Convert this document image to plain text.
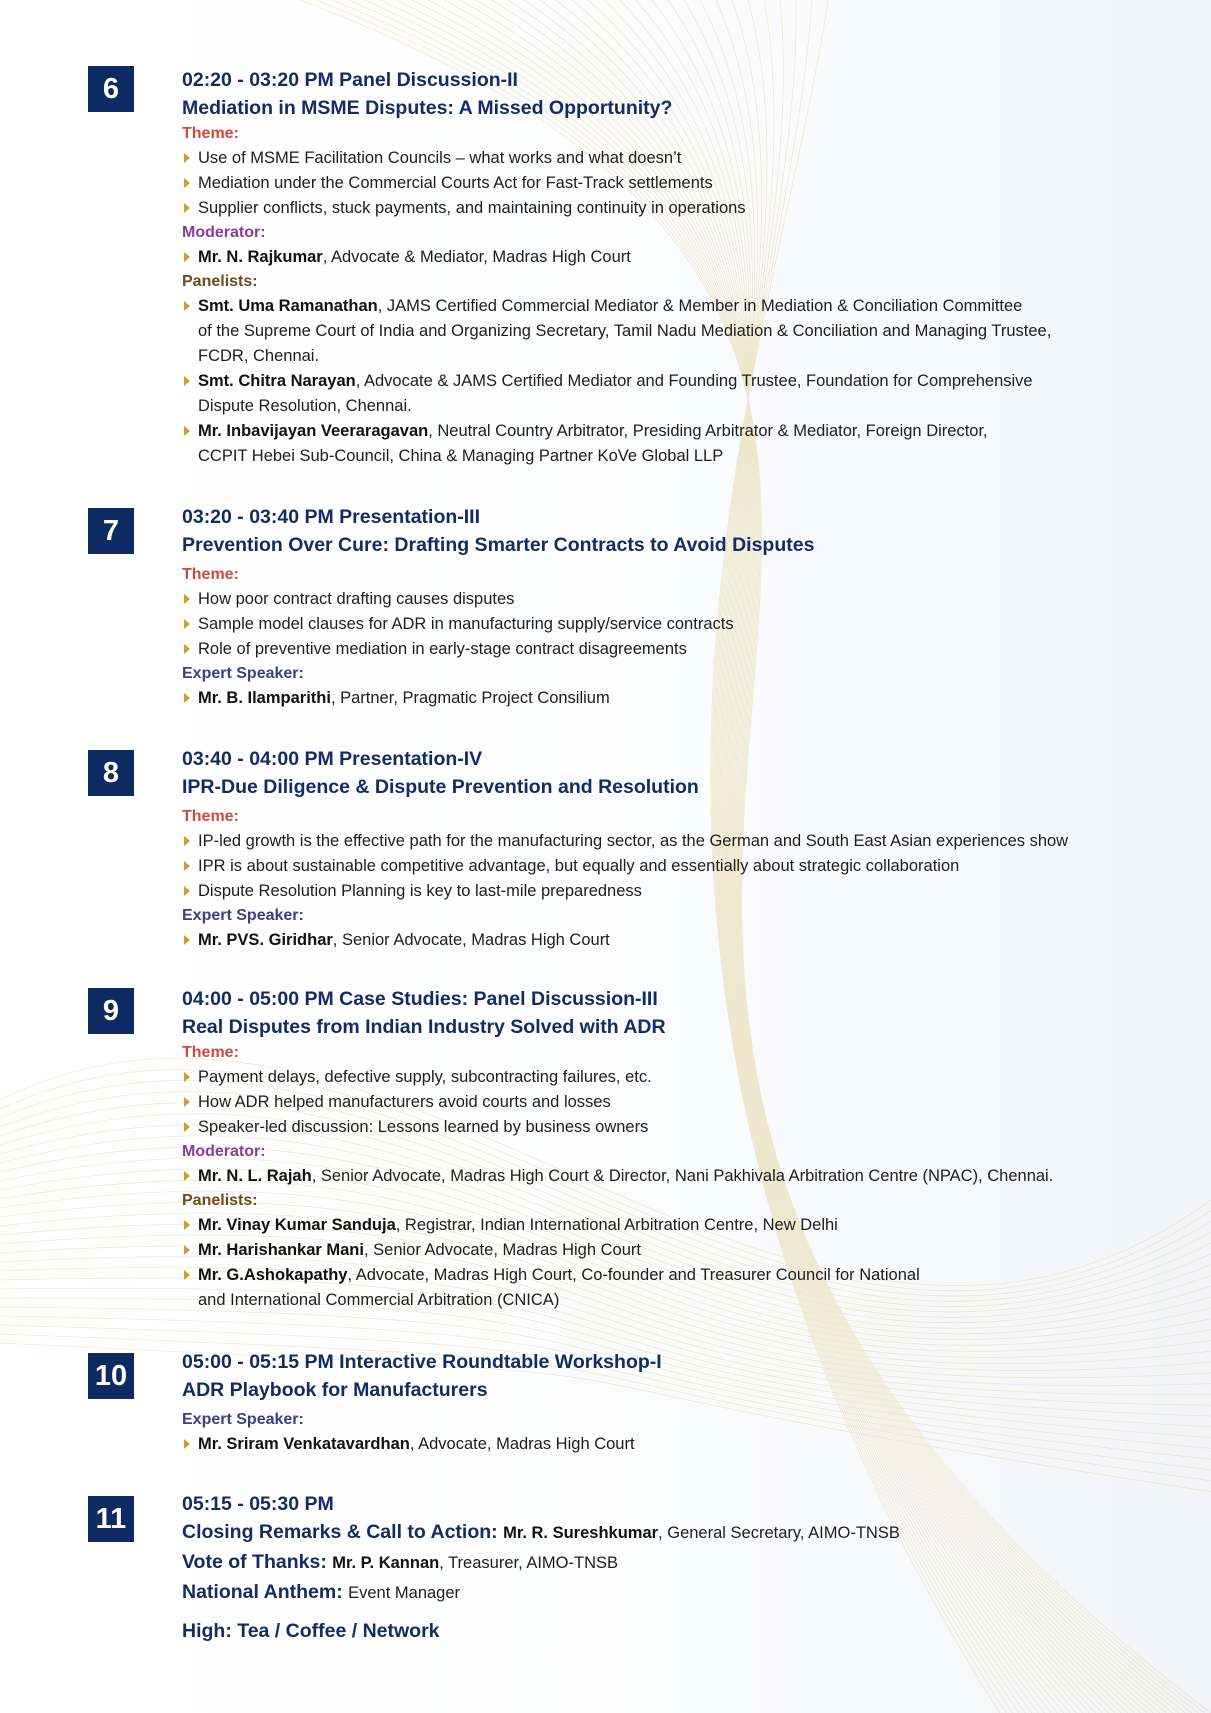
6	02:20 - 03:20 PM Panel Discussion-II
Mediation in MSME Disputes: A Missed Opportunity?
Theme:
Use of MSME Facilitation Councils – what works and what doesn’t
Mediation under the Commercial Courts Act for Fast-Track settlements
Supplier conflicts, stuck payments, and maintaining continuity in operations
Moderator:
Mr. N. Rajkumar, Advocate & Mediator, Madras High Court
Panelists:
Smt. Uma Ramanathan, JAMS Certified Commercial Mediator & Member in Mediation & Conciliation Committee
of the Supreme Court of India and Organizing Secretary, Tamil Nadu Mediation & Conciliation and Managing Trustee,
FCDR, Chennai.
Smt. Chitra Narayan, Advocate & JAMS Certified Mediator and Founding Trustee, Foundation for Comprehensive
Dispute Resolution, Chennai.
Mr. Inbavijayan Veeraragavan, Neutral Country Arbitrator, Presiding Arbitrator & Mediator, Foreign Director,
CCPIT Hebei Sub-Council, China & Managing Partner KoVe Global LLP
7	03:20 - 03:40 PM Presentation-III
Prevention Over Cure: Drafting Smarter Contracts to Avoid Disputes
Theme:
How poor contract drafting causes disputes
Sample model clauses for ADR in manufacturing supply/service contracts
Role of preventive mediation in early-stage contract disagreements
Expert Speaker:
Mr. B. Ilamparithi, Partner, Pragmatic Project Consilium
8	03:40 - 04:00 PM Presentation-IV
IPR-Due Diligence & Dispute Prevention and Resolution
Theme:
IP-led growth is the effective path for the manufacturing sector, as the German and South East Asian experiences show
IPR is about sustainable competitive advantage, but equally and essentially about strategic collaboration
Dispute Resolution Planning is key to last-mile preparedness
Expert Speaker:
Mr. PVS. Giridhar, Senior Advocate, Madras High Court
9	04:00 - 05:00 PM Case Studies: Panel Discussion-III
Real Disputes from Indian Industry Solved with ADR
Theme:
Payment delays, defective supply, subcontracting failures, etc.
How ADR helped manufacturers avoid courts and losses
Speaker-led discussion: Lessons learned by business owners
Moderator:
Mr. N. L. Rajah, Senior Advocate, Madras High Court & Director, Nani Pakhivala Arbitration Centre (NPAC), Chennai.
Panelists:
Mr. Vinay Kumar Sanduja, Registrar, Indian International Arbitration Centre, New Delhi
Mr. Harishankar Mani, Senior Advocate, Madras High Court
Mr. G.Ashokapathy, Advocate, Madras High Court, Co-founder and Treasurer Council for National
and International Commercial Arbitration (CNICA)
10	05:00 - 05:15 PM Interactive Roundtable Workshop-I
ADR Playbook for Manufacturers
Expert Speaker:
Mr. Sriram Venkatavardhan, Advocate, Madras High Court
11	05:15 - 05:30 PM
Closing Remarks & Call to Action: Mr. R. Sureshkumar, General Secretary, AIMO-TNSB
Vote of Thanks: Mr. P. Kannan, Treasurer, AIMO-TNSB
National Anthem: Event Manager
High: Tea / Coffee / Network
